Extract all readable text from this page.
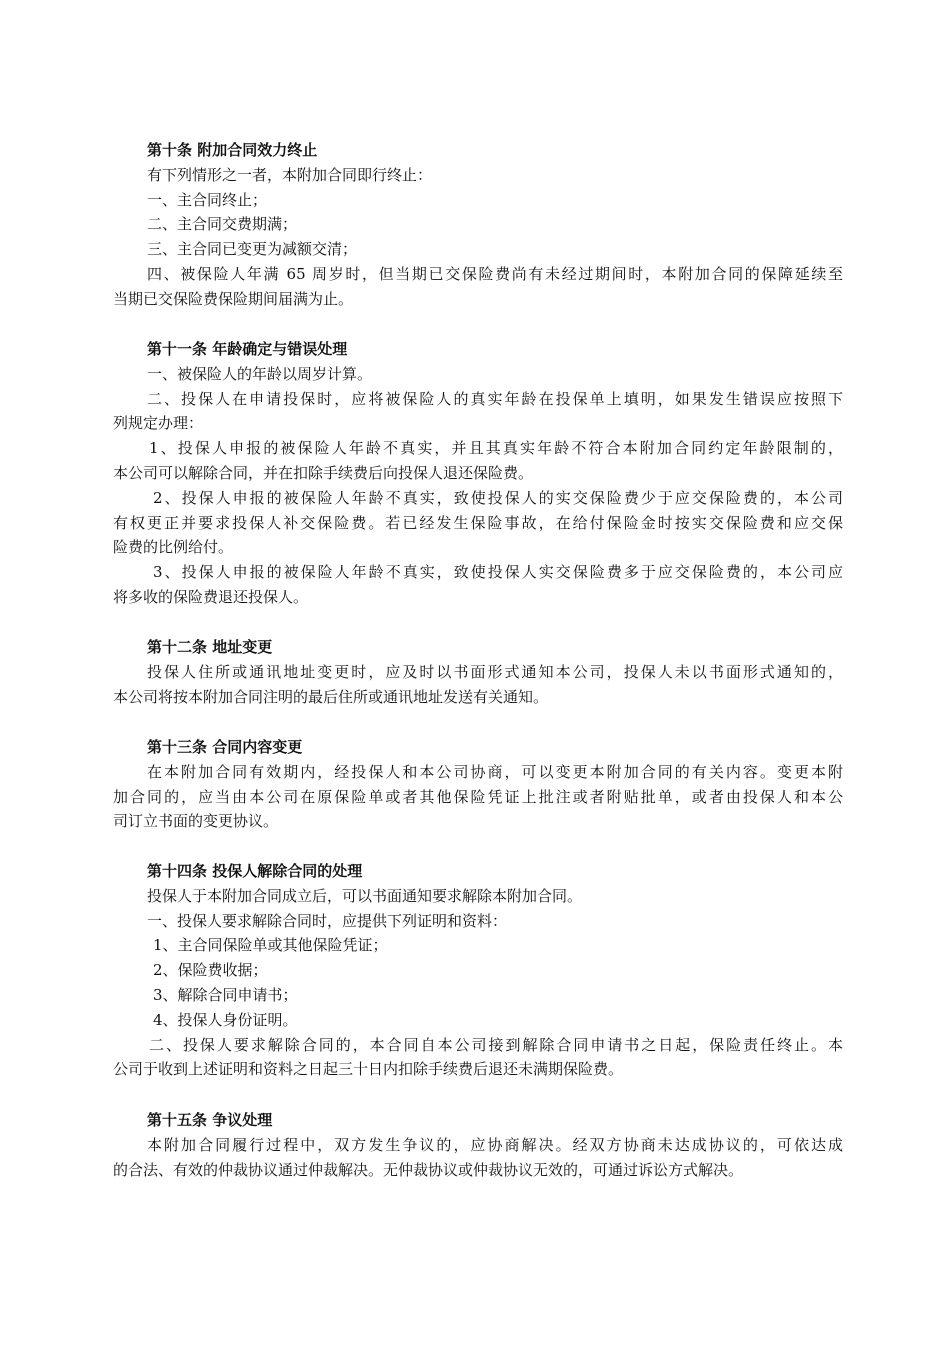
第十条 附加合同效力终止
有下列情形之一者，本附加合同即行终止：
一、主合同终止；
二、主合同交费期满；
三、主合同已变更为减额交清；
四、被保险人年满 65 周岁时，但当期已交保险费尚有未经过期间时，本附加合同的保障延续至
当期已交保险费保险期间届满为止。
第十一条 年龄确定与错误处理
一、被保险人的年龄以周岁计算。
二、投保人在申请投保时，应将被保险人的真实年龄在投保单上填明，如果发生错误应按照下
列规定办理：
1、投保人申报的被保险人年龄不真实，并且其真实年龄不符合本附加合同约定年龄限制的，
本公司可以解除合同，并在扣除手续费后向投保人退还保险费。
2、投保人申报的被保险人年龄不真实，致使投保人的实交保险费少于应交保险费的，本公司
有权更正并要求投保人补交保险费。若已经发生保险事故，在给付保险金时按实交保险费和应交保
险费的比例给付。
3、投保人申报的被保险人年龄不真实，致使投保人实交保险费多于应交保险费的，本公司应
将多收的保险费退还投保人。
第十二条 地址变更
投保人住所或通讯地址变更时，应及时以书面形式通知本公司，投保人未以书面形式通知的，
本公司将按本附加合同注明的最后住所或通讯地址发送有关通知。
第十三条 合同内容变更
在本附加合同有效期内，经投保人和本公司协商，可以变更本附加合同的有关内容。变更本附
加合同的，应当由本公司在原保险单或者其他保险凭证上批注或者附贴批单，或者由投保人和本公
司订立书面的变更协议。
第十四条 投保人解除合同的处理
投保人于本附加合同成立后，可以书面通知要求解除本附加合同。
一、投保人要求解除合同时，应提供下列证明和资料：
1、主合同保险单或其他保险凭证；
2、保险费收据；
3、解除合同申请书；
4、投保人身份证明。
二、投保人要求解除合同的，本合同自本公司接到解除合同申请书之日起，保险责任终止。本
公司于收到上述证明和资料之日起三十日内扣除手续费后退还未满期保险费。
第十五条 争议处理
本附加合同履行过程中，双方发生争议的，应协商解决。经双方协商未达成协议的，可依达成
的合法、有效的仲裁协议通过仲裁解决。无仲裁协议或仲裁协议无效的，可通过诉讼方式解决。
